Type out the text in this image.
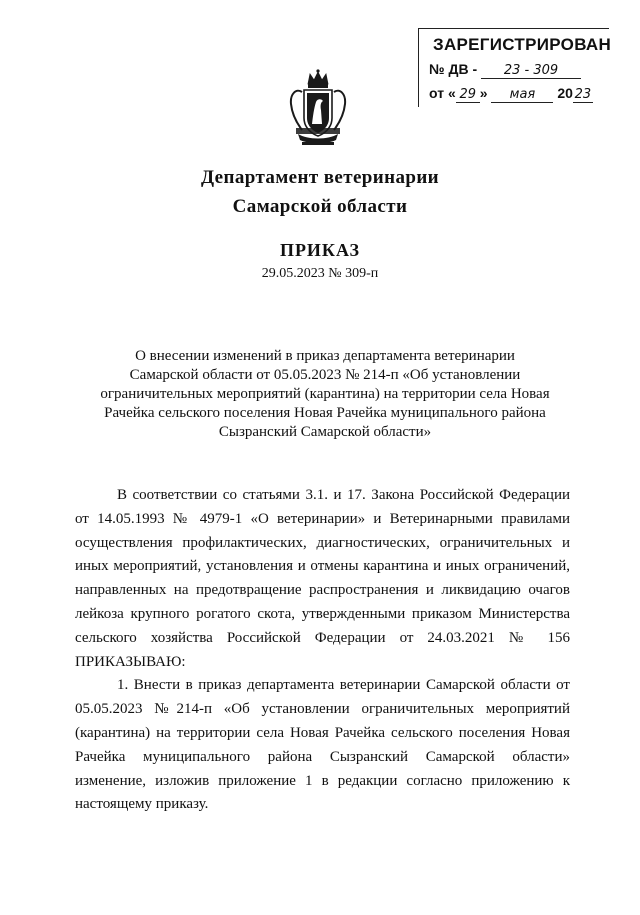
ЗАРЕГИСТРИРОВАН
№ ДВ - 23 - 309
от « 29 » мая 20 23
Департамент ветеринарии
Самарской области
ПРИКАЗ
29.05.2023 № 309-п
О внесении изменений в приказ департамента ветеринарии
Самарской области от 05.05.2023 № 214-п «Об установлении
ограничительных мероприятий (карантина) на территории села Новая
Рачейка сельского поселения Новая Рачейка муниципального района
Сызранский Самарской области»

В соответствии со статьями 3.1. и 17. Закона Российской Федерации от 14.05.1993 № 4979-1 «О ветеринарии» и Ветеринарными правилами осуществления профилактических, диагностических, ограничительных и иных мероприятий, установления и отмены карантина и иных ограничений, направленных на предотвращение распространения и ликвидацию очагов лейкоза крупного рогатого скота, утвержденными приказом Министерства сельского хозяйства Российской Федерации от 24.03.2021 № 156 ПРИКАЗЫВАЮ:

1. Внести в приказ департамента ветеринарии Самарской области от 05.05.2023 №214-п «Об установлении ограничительных мероприятий (карантина) на территории села Новая Рачейка сельского поселения Новая Рачейка муниципального района Сызранский Самарской области» изменение, изложив приложение 1 в редакции согласно приложению к настоящему приказу.
